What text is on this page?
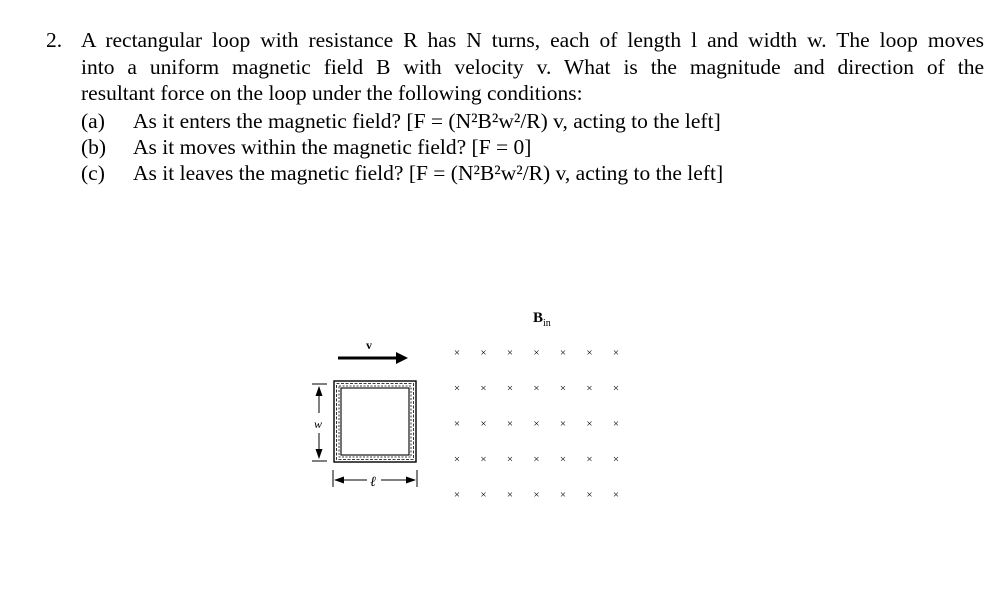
2. A rectangular loop with resistance R has N turns, each of length l and width w. The loop moves
into a uniform magnetic field B with velocity v. What is the magnitude and direction of the
resultant force on the loop under the following conditions:
(a) As it enters the magnetic field? [F = (N²B²w²/R) v, acting to the left]
(b) As it moves within the magnetic field? [F = 0]
(c) As it leaves the magnetic field? [F = (N²B²w²/R) v, acting to the left]
$B_{in}$
v
w
ℓ
× × × × × × ×
× × × × × × ×
× × × × × × ×
× × × × × × ×
× × × × × × ×
